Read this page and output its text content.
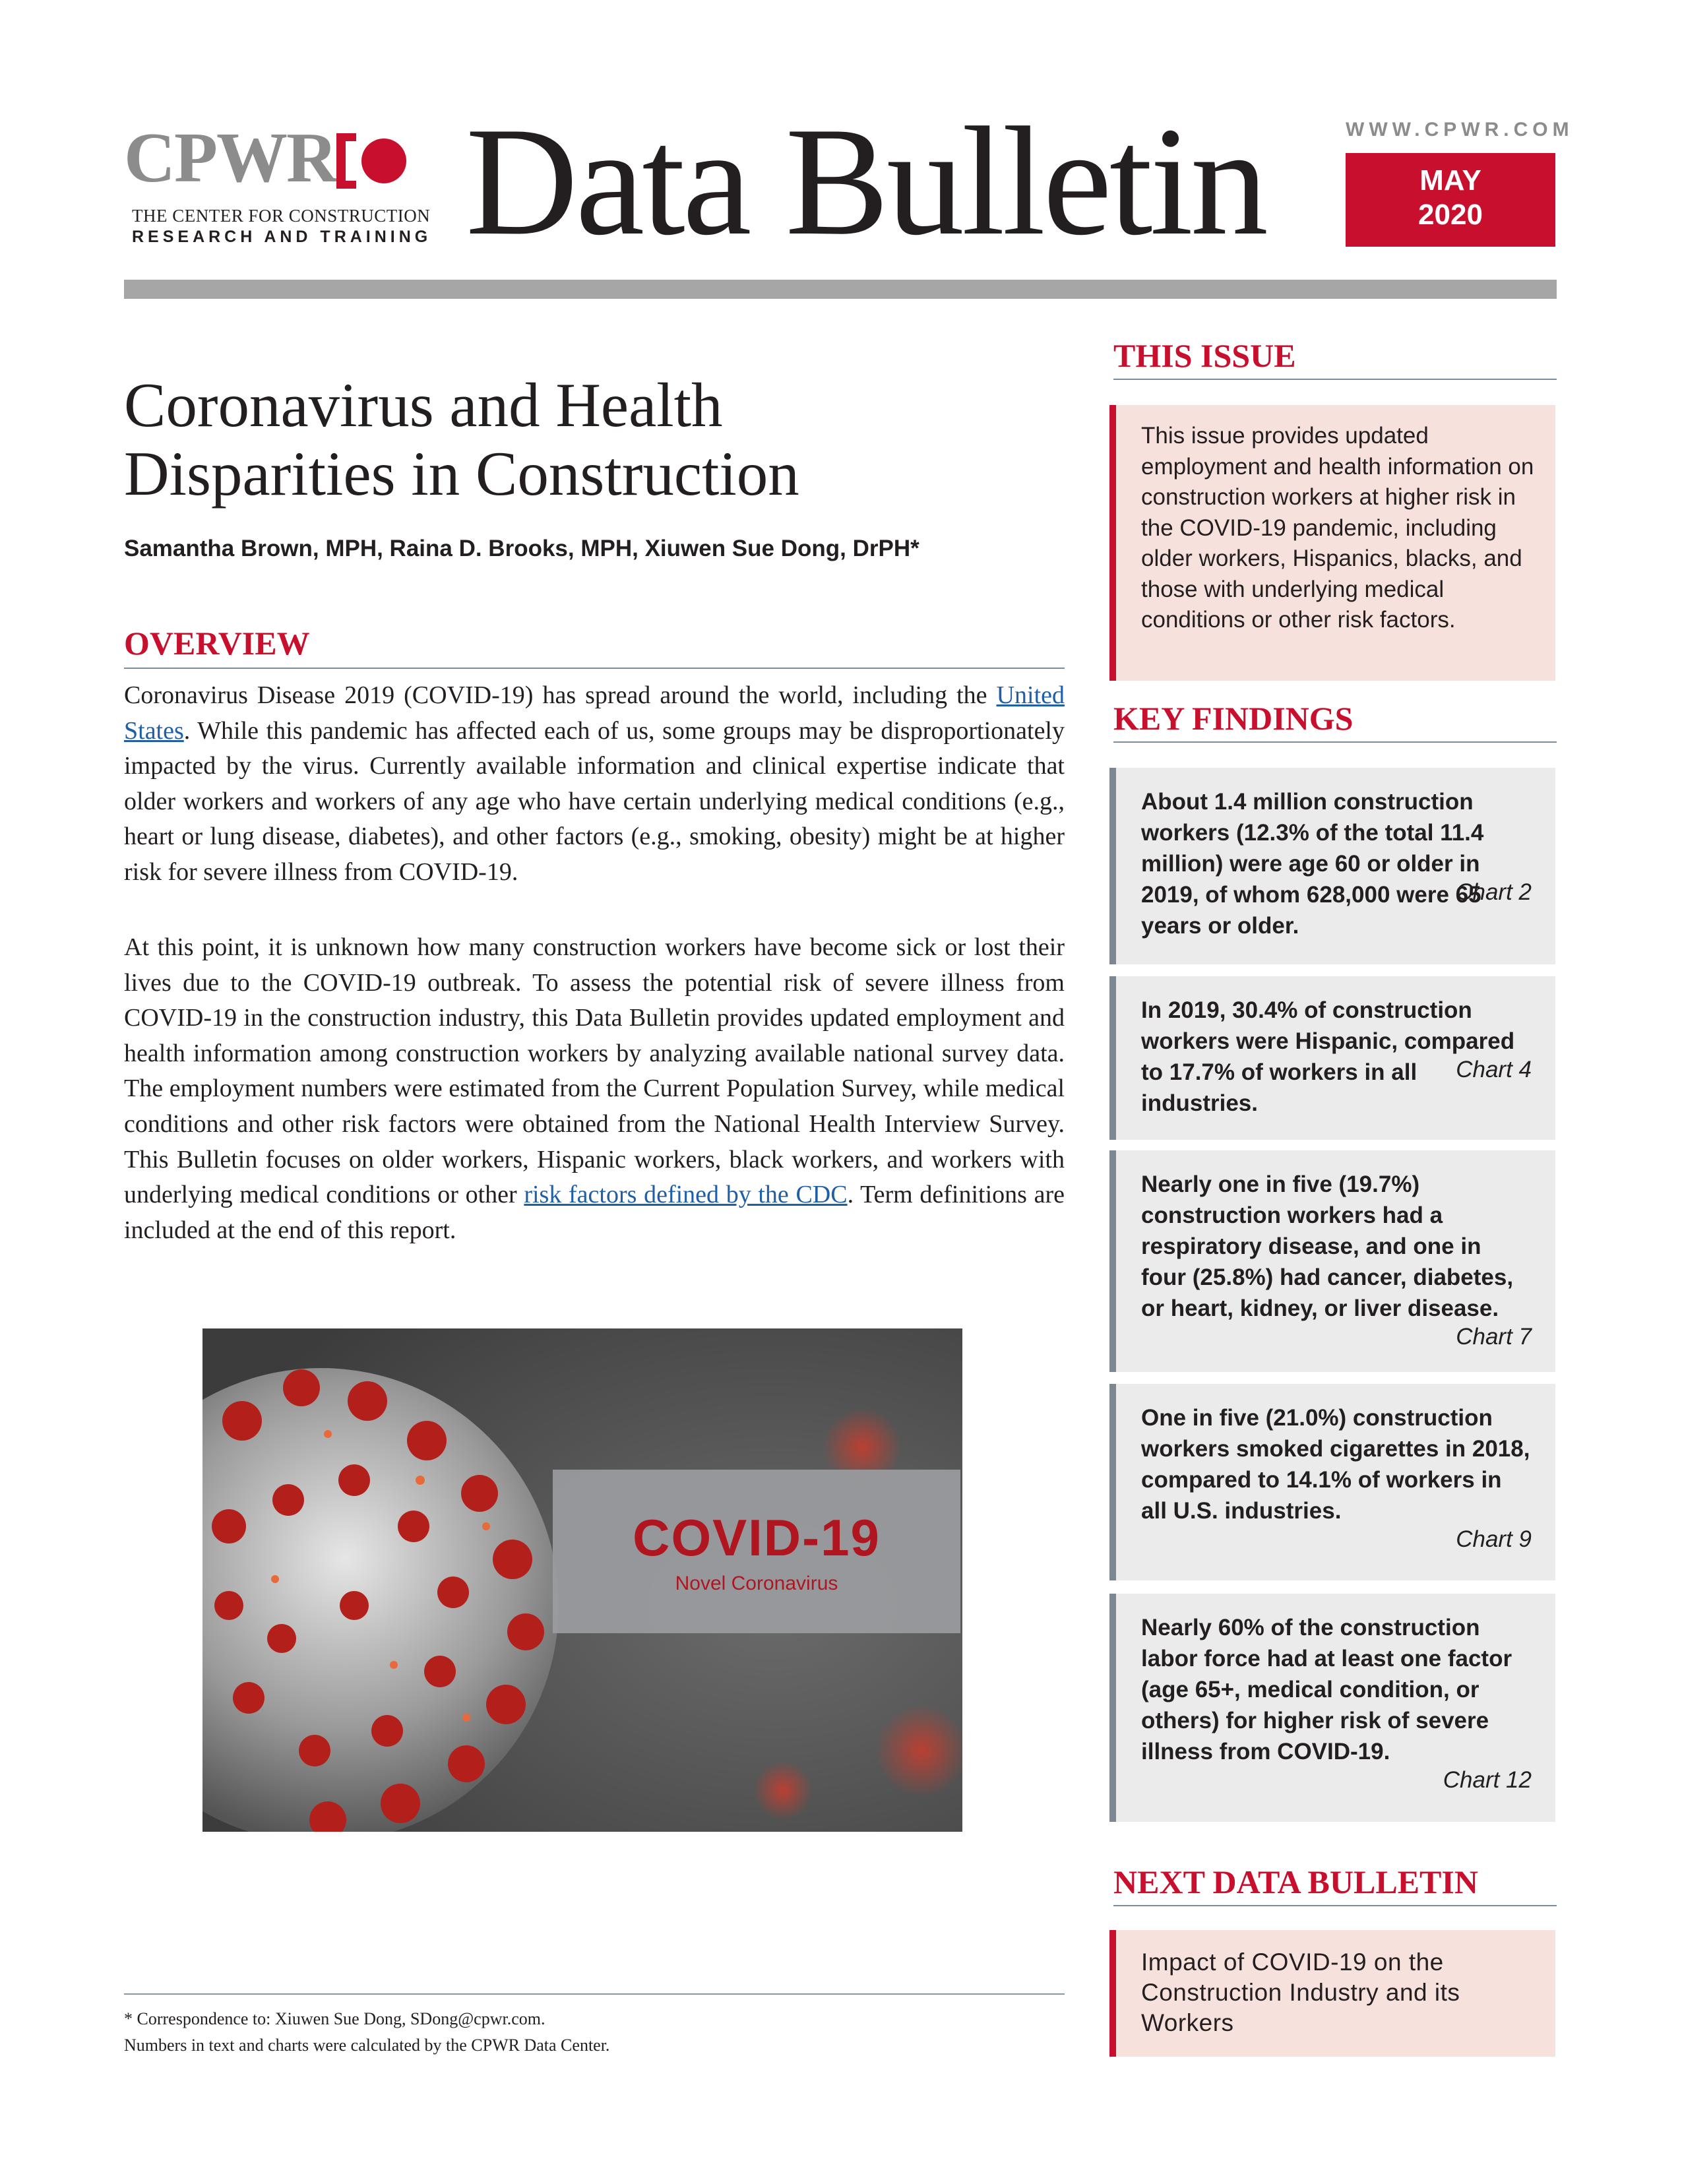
CPWR
THE CENTER FOR CONSTRUCTION
RESEARCH AND TRAINING Data Bulletin	WWW.CPWR.COM
MAY
2020
Coronavirus and Health
Disparities in Construction
Samantha Brown, MPH, Raina D. Brooks, MPH, Xiuwen Sue Dong, DrPH*
OVERVIEW
Coronavirus Disease 2019 (COVID-19) has spread around the world, including the United States. While this pandemic has affected each of us, some groups may be disproportionately impacted by the virus. Currently available information and clinical expertise indicate that older workers and workers of any age who have certain underlying medical conditions (e.g., heart or lung disease, diabetes), and other factors (e.g., smoking, obesity) might be at higher risk for severe illness from COVID-19.
At this point, it is unknown how many construction workers have become sick or lost their lives due to the COVID-19 outbreak. To assess the potential risk of severe illness from COVID-19 in the construction industry, this Data Bulletin provides updated employment and health information among construction workers by analyzing available national survey data. The employment numbers were estimated from the Current Population Survey, while medical conditions and other risk factors were obtained from the National Health Interview Survey. This Bulletin focuses on older workers, Hispanic workers, black workers, and workers with underlying medical conditions or other risk factors defined by the CDC. Term definitions are included at the end of this report.
COVID-19
Novel Coronavirus
* Correspondence to: Xiuwen Sue Dong, SDong@cpwr.com.
Numbers in text and charts were calculated by the CPWR Data Center.
THIS ISSUE
This issue provides updated employment and health information on construction workers at higher risk in the COVID-19 pandemic, including older workers, Hispanics, blacks, and those with underlying medical conditions or other risk factors.
KEY FINDINGS
About 1.4 million construction workers (12.3% of the total 11.4 million) were age 60 or older in 2019, of whom 628,000 were 65 years or older.
Chart 2
In 2019, 30.4% of construction workers were Hispanic, compared to 17.7% of workers in all industries.
Chart 4
Nearly one in five (19.7%) construction workers had a respiratory disease, and one in four (25.8%) had cancer, diabetes, or heart, kidney, or liver disease.
Chart 7
One in five (21.0%) construction workers smoked cigarettes in 2018, compared to 14.1% of workers in all U.S. industries.
Chart 9
Nearly 60% of the construction labor force had at least one factor (age 65+, medical condition, or others) for higher risk of severe illness from COVID-19.
Chart 12
NEXT DATA BULLETIN
Impact of COVID-19 on the Construction Industry and its Workers
